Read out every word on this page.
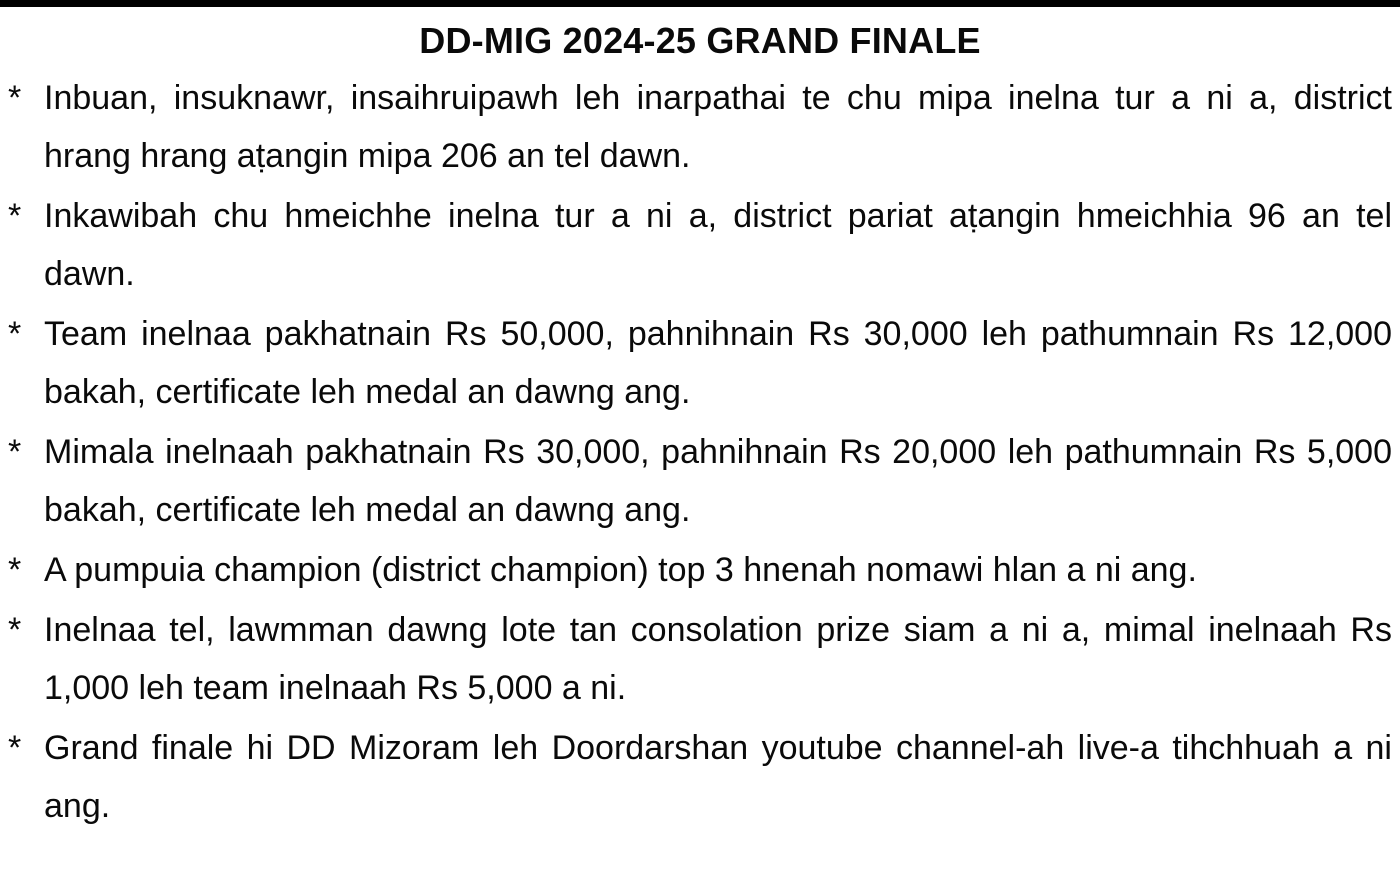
DD-MIG 2024-25 GRAND FINALE
* Inbuan, insuknawr, insaihruipawh leh inarpathai te chu mipa inelna tur a ni a, district hrang hrang aṭangin mipa 206 an tel dawn.
* Inkawibah chu hmeichhe inelna tur a ni a, district pariat aṭangin hmeichhia 96 an tel dawn.
* Team inelnaa pakhatnain Rs 50,000, pahnihnain Rs 30,000 leh pathumnain Rs 12,000 bakah, certificate leh medal an dawng ang.
* Mimala inelnaah pakhatnain Rs 30,000, pahnihnain Rs 20,000 leh pathumnain Rs 5,000 bakah, certificate leh medal an dawng ang.
* A pumpuia champion (district champion) top 3 hnenah nomawi hlan a ni ang.
* Inelnaa tel, lawmman dawng lote tan consolation prize siam a ni a, mimal inelnaah Rs 1,000 leh team inelnaah Rs 5,000 a ni.
* Grand finale hi DD Mizoram leh Doordarshan youtube channel-ah live-a tihchhuah a ni ang.
